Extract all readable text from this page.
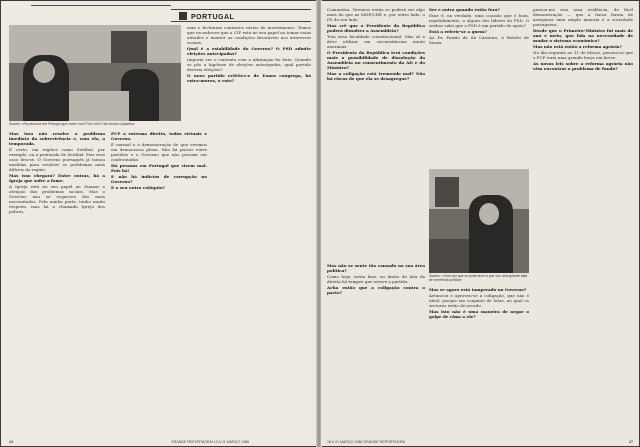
PORTUGAL
Soares: «Há pessoas em Portugal que vivem mal? Pois há! E não fomos culpados»

nem e fecharam contratos vários de investimento. Temos que reconhecer que a CIP está no seu papel ao tomar estas atitudes e manter as condições favoráveis aos interesses sociais.

Qual é a estabilidade do Governo? O PSD admite eleições antecipadas?

Importa ver o contexto com a afirmação foi feita. Quando se pôs a hipótese de eleições antecipadas, qual partido deveria eleições?

O novo partido eclético-e de Eanes congrega, há extra-muros, o voto?

Mas isso não resolve o problema imediato da sobrevivência e, com ela, a temporada.

É certo, em regiões como Setúbal, por exemplo, ou a península de Setúbal. Pois esse caso deu-se. O Governo português já tomou medidas para resolver os problemas mais difíceis da região.

Mas isso chegará? Entre outras, há a Igreja que sofre a fome.

A Igreja está no seu papel ao chamar a atenção dos problemas sociais. Mas o Governo não se esqueceu dos mais necessitados. Pela minha parte, tenho muito respeito, mas há a chamada Igreja dos pobres.

PCP a extrema direita, todos virtuais e Governo.

É normal e a demonstração de que vivemos em democracia plena. Não há pactos entre partidos e o Governo que não possam ser confrontados.

Há pessoas em Portugal que vivem mal. Pois há!

E não há indícios de corrupção no Governo?

E o seu outro colóquio?

24	GRANDE REPORTAGEM 13 A 21 MARÇO 1986

Comunista. Veremos então se poderá ser algo mais do que as MDP/CDE e, por outro lado, o PS do seu lado.

Mas crê que o Presidente da República poderá dissolver a Assembleia?

Tem essa faculdade constitucional. Mas só a deve utilizar em circunstâncias muito anormais.

O Presidente da República terá condições mais a possibilidade de dissolução da Assembleia no consentimento da AD e do Ministro?

Mas a coligação está tremendo mal? Não há riscos de que ela se desagregue?

Ser e outra quando estão fora?

Esse é, na verdade, uma ocasião que é bom, repetidamente, a alguns dos líderes do PSD. O senhor sabe que o PSD é um partido de apoio?

Está a referir-se a quem?

Ao Dr. Paixão de Sá Carneiro, à Rebelo de Sousa.

passou-me isso uma evidência, de fácil demonstração — que a única forma de assegurar uma ampla maioria é a sociedade portuguesa.

Desde que o Primeiro-Ministro fui mais de ano e meio, que fala na necessidade de mudar o sistema económico?

Mas não está então a reforma agrária?

No dia seguinte ao 11 de Março, pensou-se que o PCP teria uma grande força em breve.

As novas leis sobre a reforma agrária não vêm encontrar o problema de fundo?

Soares: «Uma vez que se pode fazer a que sôo uma grande falta de coerência política»

Mas não se sente tão cansado na sua área política?

Como hoje, nesta fase, no limite de luta de direita há tempos que esteve a partido.

Acha então que a coligação contra o pacto?

Mas se agora está tamperado no Governo?

Arrancou e aprovou-se a coligação, que não é ideal, porque em conjunto de lutas, no qual os sectores estão de acordo.

Mas isto não é uma maneira de negar o golpe de cima a ele?

18 A 21 MARÇO 1986 GRANDE REPORTAGEM	27
